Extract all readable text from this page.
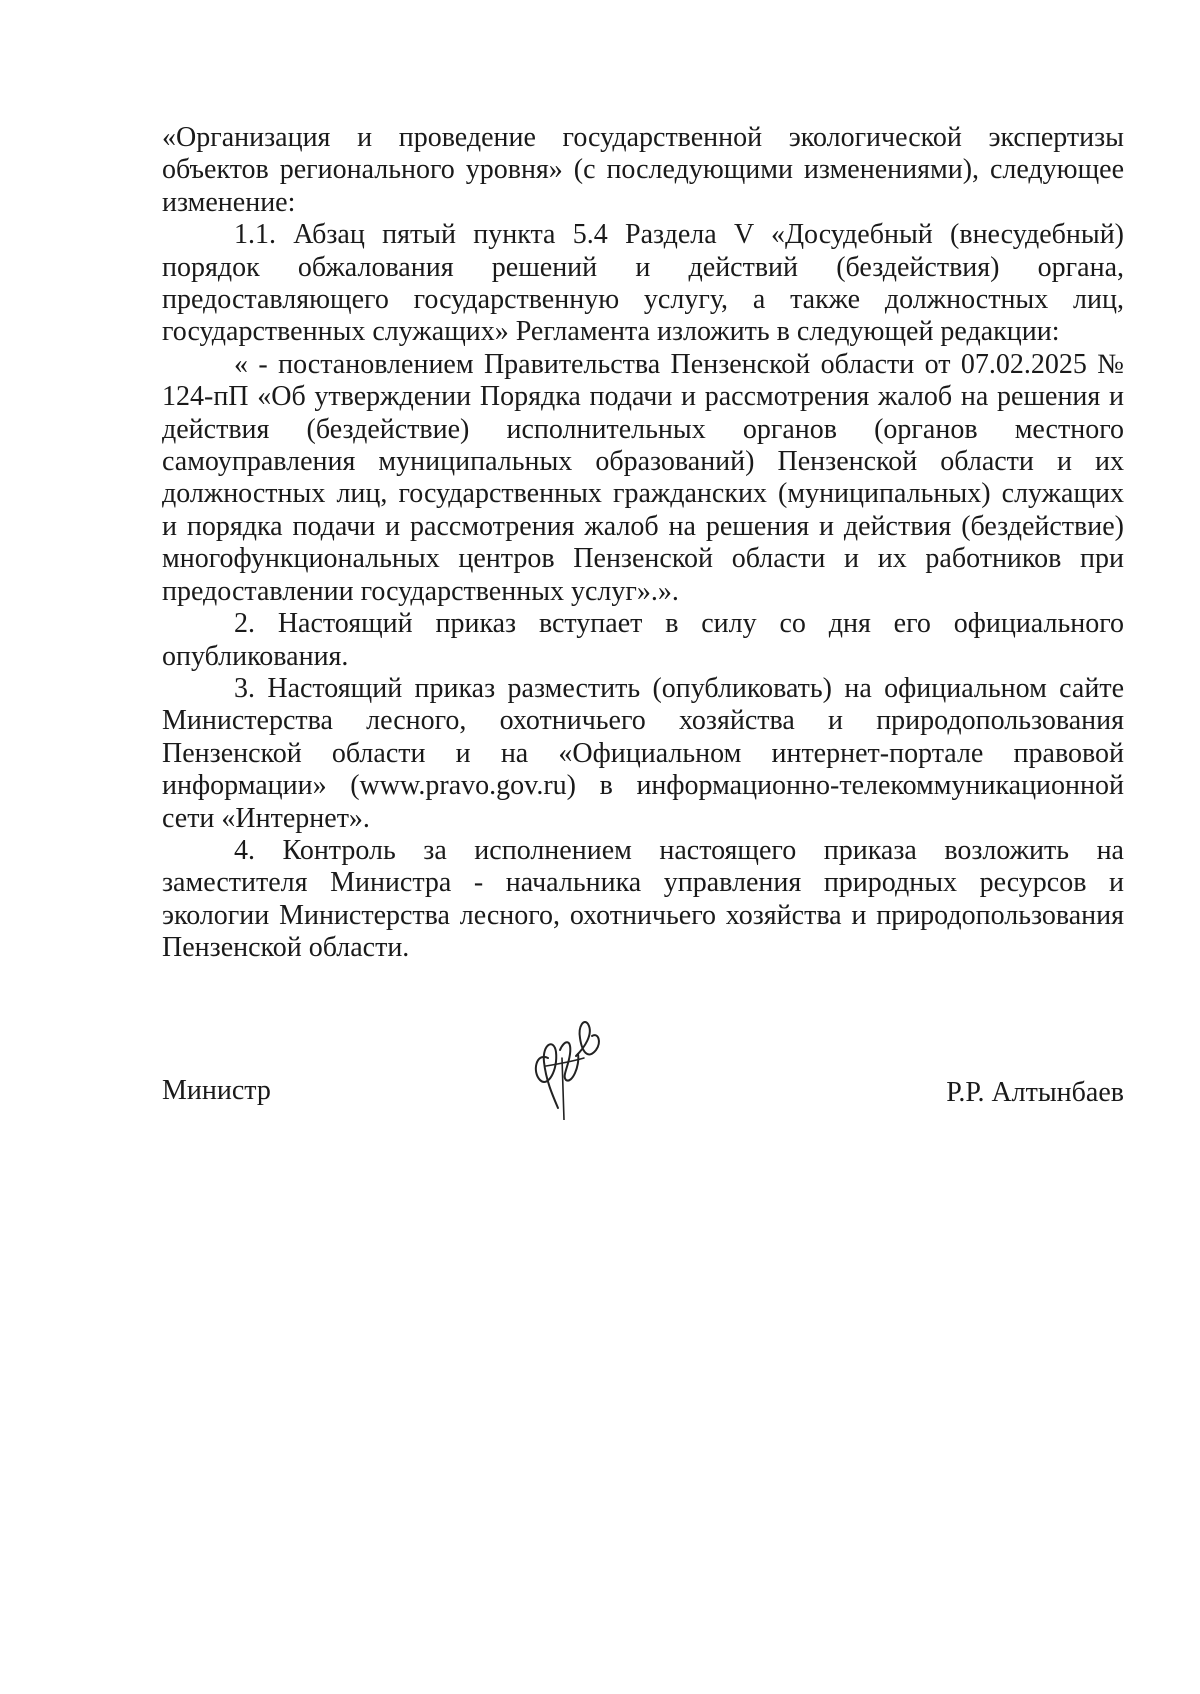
«Организация и проведение государственной экологической экспертизы объектов регионального уровня» (с последующими изменениями), следующее изменение:

1.1. Абзац пятый пункта 5.4 Раздела V «Досудебный (внесудебный) порядок обжалования решений и действий (бездействия) органа, предоставляющего государственную услугу, а также должностных лиц, государственных служащих» Регламента изложить в следующей редакции:

« - постановлением Правительства Пензенской области от 07.02.2025 № 124-пП «Об утверждении Порядка подачи и рассмотрения жалоб на решения и действия (бездействие) исполнительных органов (органов местного самоуправления муниципальных образований) Пензенской области и их должностных лиц, государственных гражданских (муниципальных) служащих и порядка подачи и рассмотрения жалоб на решения и действия (бездействие) многофункциональных центров Пензенской области и их работников при предоставлении государственных услуг».».

2. Настоящий приказ вступает в силу со дня его официального опубликования.

3. Настоящий приказ разместить (опубликовать) на официальном сайте Министерства лесного, охотничьего хозяйства и природопользования Пензенской области и на «Официальном интернет-портале правовой информации» (www.pravo.gov.ru) в информационно-телекоммуникационной сети «Интернет».

4. Контроль за исполнением настоящего приказа возложить на заместителя Министра - начальника управления природных ресурсов и экологии Министерства лесного, охотничьего хозяйства и природопользования Пензенской области.

Министр	Р.Р. Алтынбаев
